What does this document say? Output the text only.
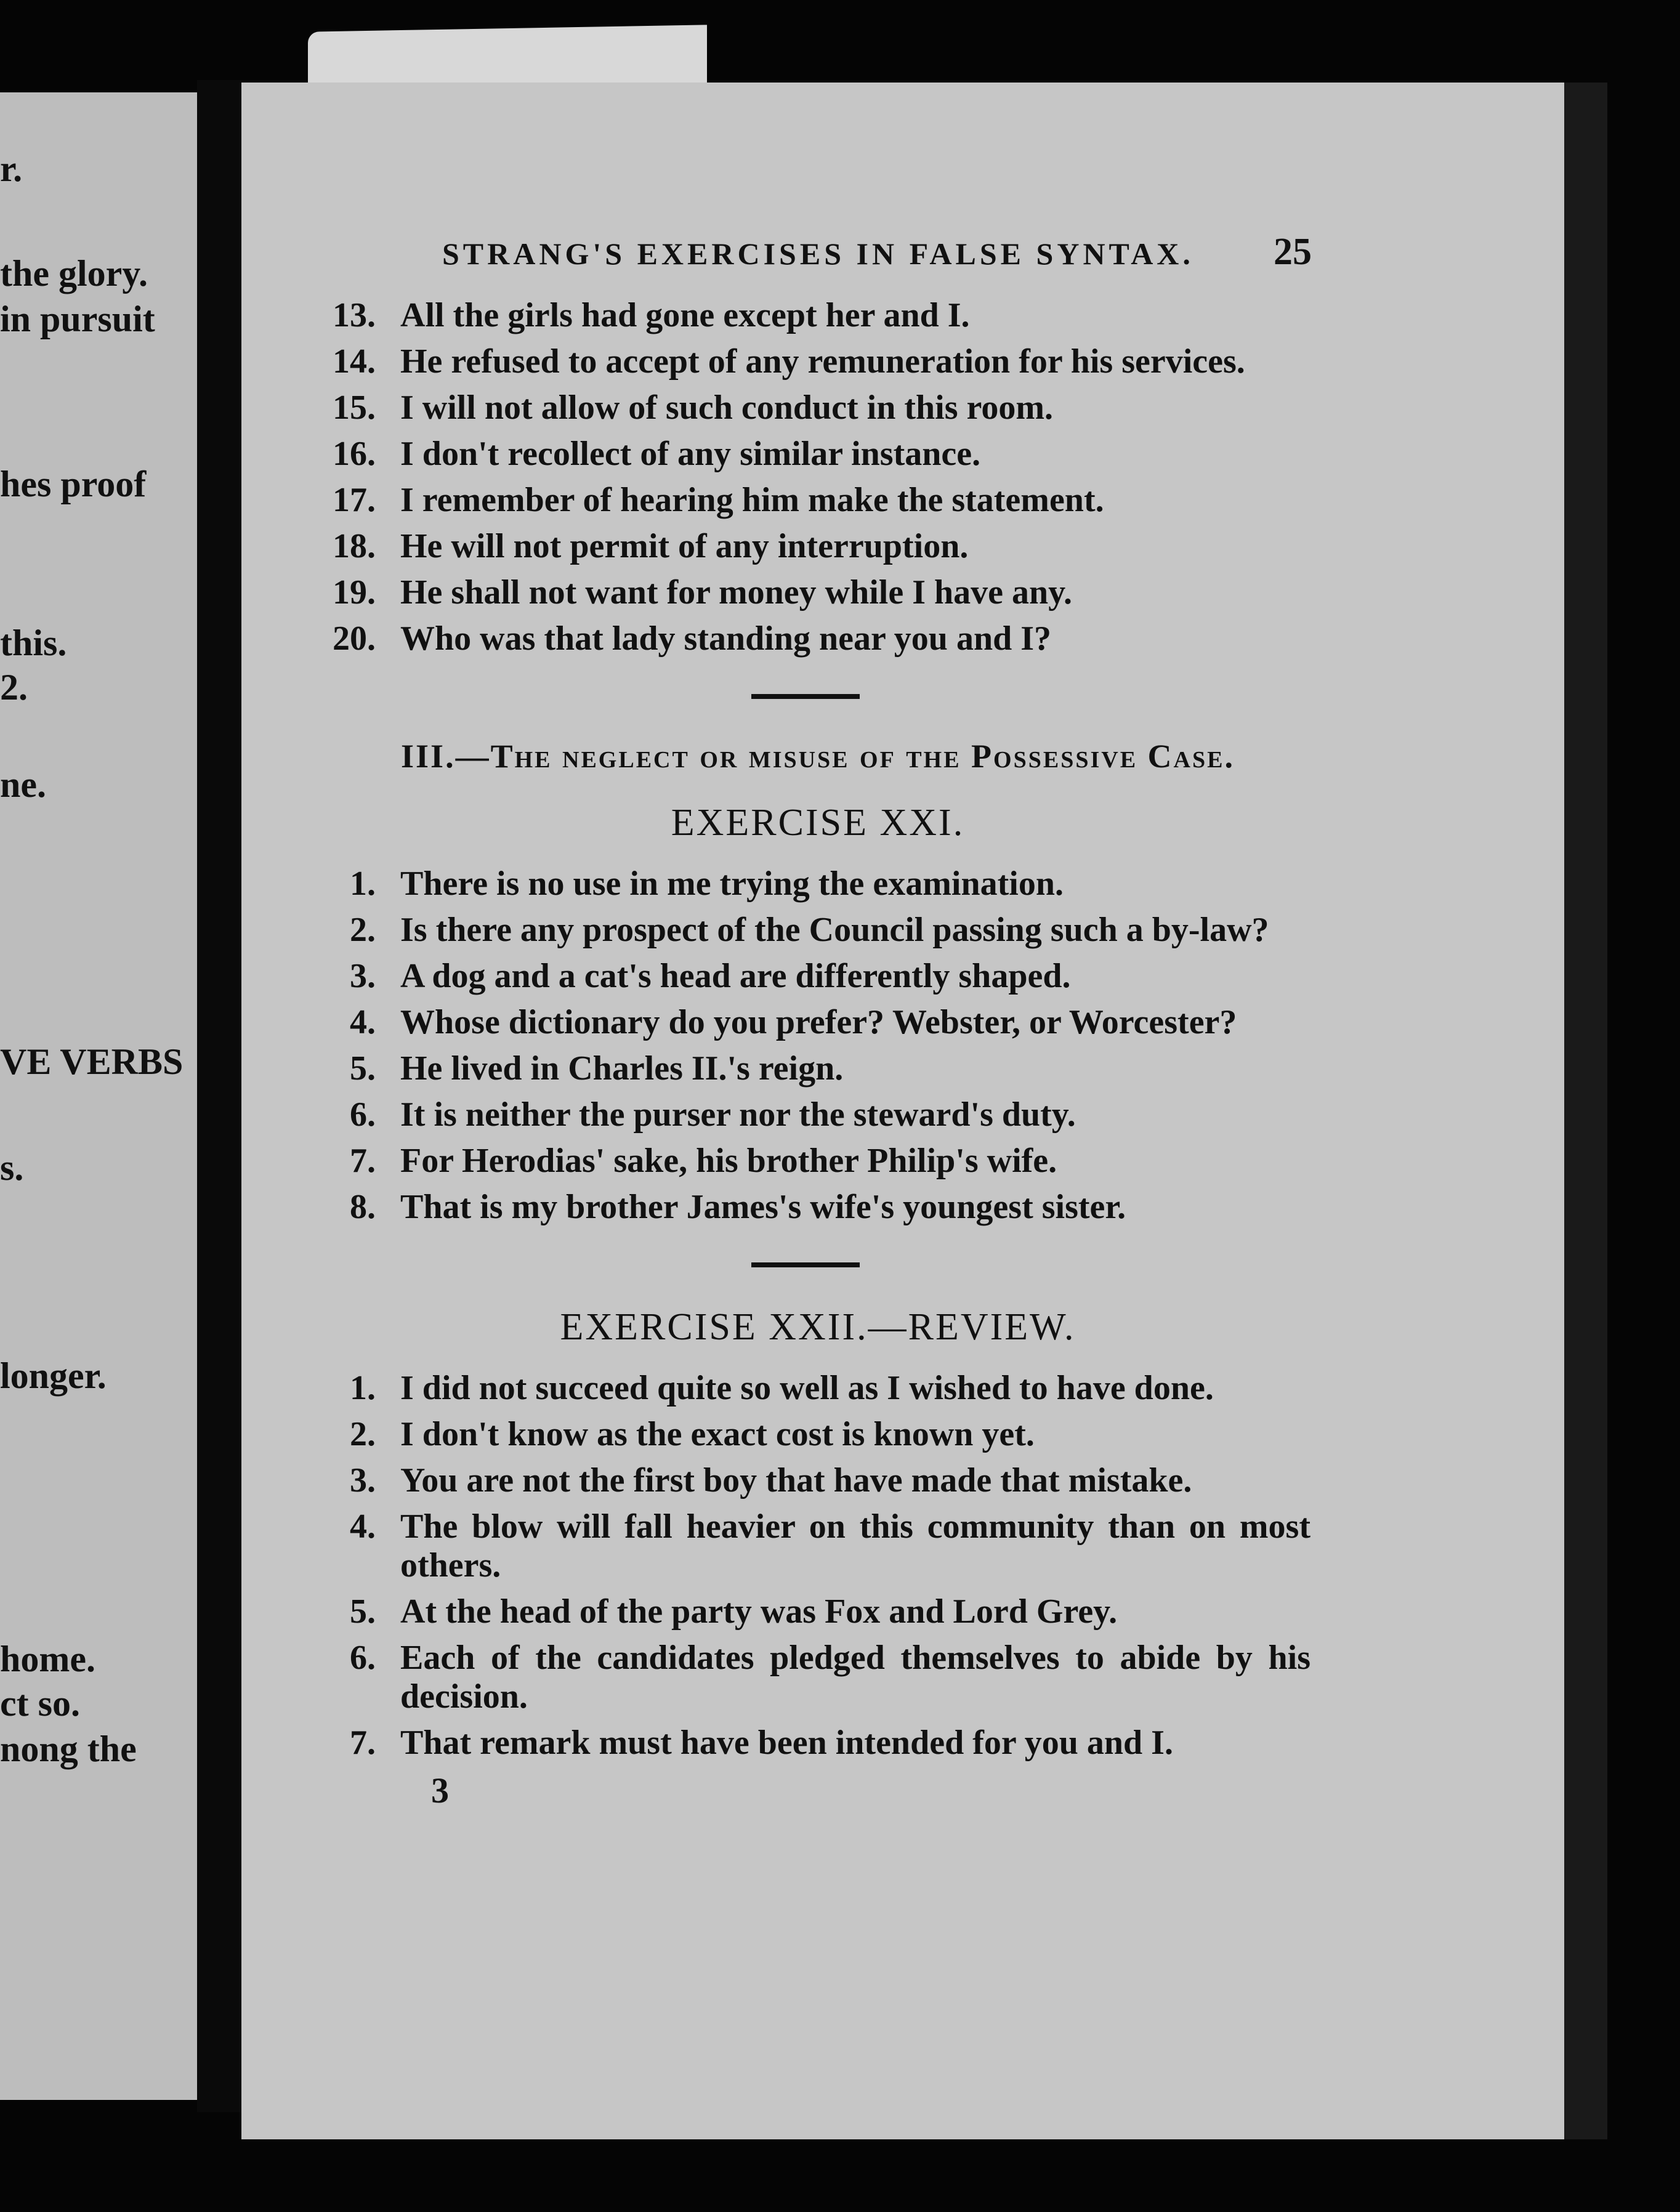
r.
the glory.
in pursuit
hes proof
this.
2.
ne.
VE VERBS
s.
longer.
home.
ct so.
nong the
STRANG'S EXERCISES IN FALSE SYNTAX. 25
13. All the girls had gone except her and I.
14. He refused to accept of any remuneration for his services.
15. I will not allow of such conduct in this room.
16. I don't recollect of any similar instance.
17. I remember of hearing him make the statement.
18. He will not permit of any interruption.
19. He shall not want for money while I have any.
20. Who was that lady standing near you and I?
III.—The neglect or misuse of the Possessive Case.
EXERCISE XXI.
1. There is no use in me trying the examination.
2. Is there any prospect of the Council passing such a by-law?
3. A dog and a cat's head are differently shaped.
4. Whose dictionary do you prefer? Webster, or Worcester?
5. He lived in Charles II.'s reign.
6. It is neither the purser nor the steward's duty.
7. For Herodias' sake, his brother Philip's wife.
8. That is my brother James's wife's youngest sister.
EXERCISE XXII.—REVIEW.
1. I did not succeed quite so well as I wished to have done.
2. I don't know as the exact cost is known yet.
3. You are not the first boy that have made that mistake.
4. The blow will fall heavier on this community than on most others.
5. At the head of the party was Fox and Lord Grey.
6. Each of the candidates pledged themselves to abide by his decision.
7. That remark must have been intended for you and I.
3
